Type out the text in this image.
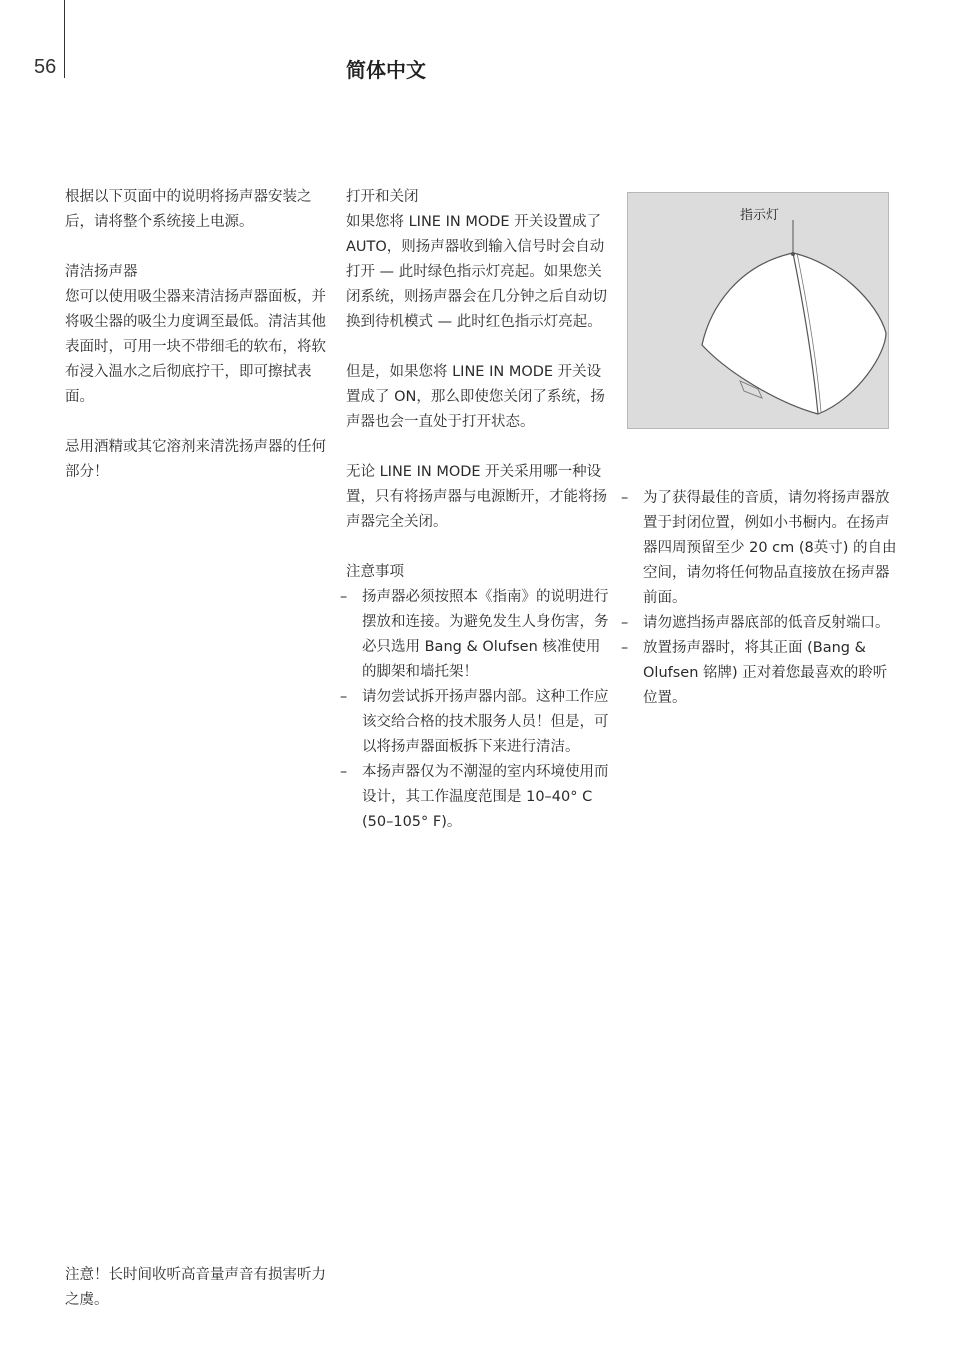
56	简体中文

根据以下页面中的说明将扬声器安装之后，请将整个系统接上电源。

清洁扬声器

您可以使用吸尘器来清洁扬声器面板，并将吸尘器的吸尘力度调至最低。清洁其他表面时，可用一块不带细毛的软布，将软布浸入温水之后彻底拧干，即可擦拭表面。

忌用酒精或其它溶剂来清洗扬声器的任何部分！

打开和关闭

如果您将 LINE IN MODE 开关设置成了 AUTO，则扬声器收到输入信号时会自动打开 — 此时绿色指示灯亮起。如果您关闭系统，则扬声器会在几分钟之后自动切换到待机模式 — 此时红色指示灯亮起。

但是，如果您将 LINE IN MODE 开关设置成了 ON，那么即使您关闭了系统，扬声器也会一直处于打开状态。

无论 LINE IN MODE 开关采用哪一种设置，只有将扬声器与电源断开，才能将扬声器完全关闭。

注意事项

– 扬声器必须按照本《指南》的说明进行摆放和连接。为避免发生人身伤害，务必只选用 Bang & Olufsen 核准使用的脚架和墙托架！
– 请勿尝试拆开扬声器内部。这种工作应该交给合格的技术服务人员！但是，可以将扬声器面板拆下来进行清洁。
– 本扬声器仅为不潮湿的室内环境使用而设计，其工作温度范围是 10–40° C (50–105° F)。
指示灯
– 为了获得最佳的音质，请勿将扬声器放置于封闭位置，例如小书橱内。在扬声器四周预留至少 20 cm (8英寸) 的自由空间，请勿将任何物品直接放在扬声器前面。
– 请勿遮挡扬声器底部的低音反射端口。
– 放置扬声器时，将其正面 (Bang & Olufsen 铭牌) 正对着您最喜欢的聆听位置。
注意！长时间收听高音量声音有损害听力之虞。
